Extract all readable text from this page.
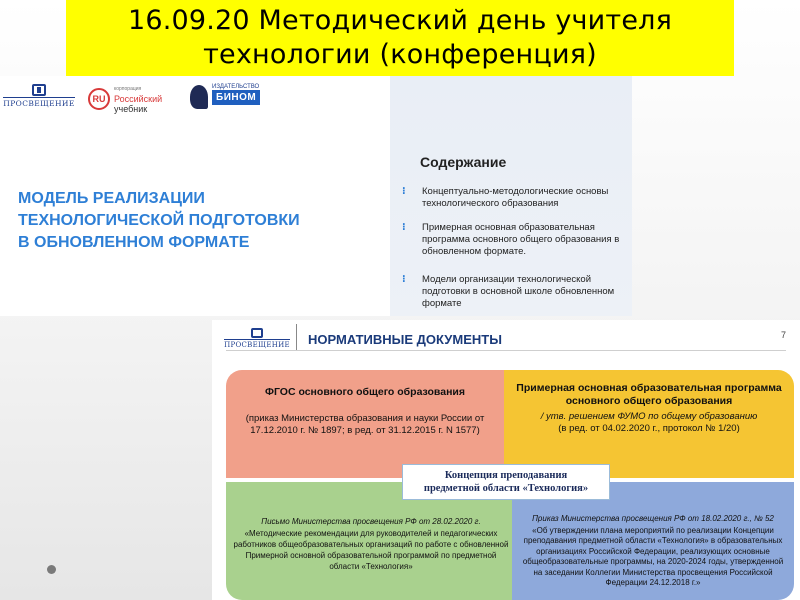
16.09.20 Методический день учителя
технологии (конференция)
ПРОСВЕЩЕНИЕ	RU
корпорация
Российский
учебник
ИЗДАТЕЛЬСТВО
БИНОМ
МОДЕЛЬ РЕАЛИЗАЦИИ
ТЕХНОЛОГИЧЕСКОЙ ПОДГОТОВКИ
В ОБНОВЛЕННОМ ФОРМАТЕ
Содержание
⁝	Концептуально-методологические основы технологического образования
⁝	Примерная основная образовательная программа основного общего образования в обновленном формате.
⁝	Модели организации технологической подготовки в основной школе обновленном формате
ПРОСВЕЩЕНИЕ НОРМАТИВНЫЕ ДОКУМЕНТЫ	7
ФГОС основного общего образования
(приказ Министерства образования и науки России от 17.12.2010 г. № 1897; в ред. от 31.12.2015 г. N 1577)
Примерная основная образовательная программа основного общего образования
/ утв. решением ФУМО по общему образованию
(в ред. от 04.02.2020 г., протокол № 1/20)
Письмо Министерства просвещения РФ от 28.02.2020 г.
«Методические рекомендации для руководителей и педагогических работников общеобразовательных организаций по работе с обновленной Примерной основной образовательной программой по предметной области «Технология»
Приказ Министерства просвещения РФ от 18.02.2020 г., № 52
«Об утверждении плана мероприятий по реализации Концепции преподавания предметной области «Технология» в образовательных организациях Российской Федерации, реализующих основные общеобразовательные программы, на 2020-2024 годы, утвержденной на заседании Коллегии Министерства просвещения Российской Федерации 24.12.2018 г.»
Концепция преподавания
предметной области «Технология»
